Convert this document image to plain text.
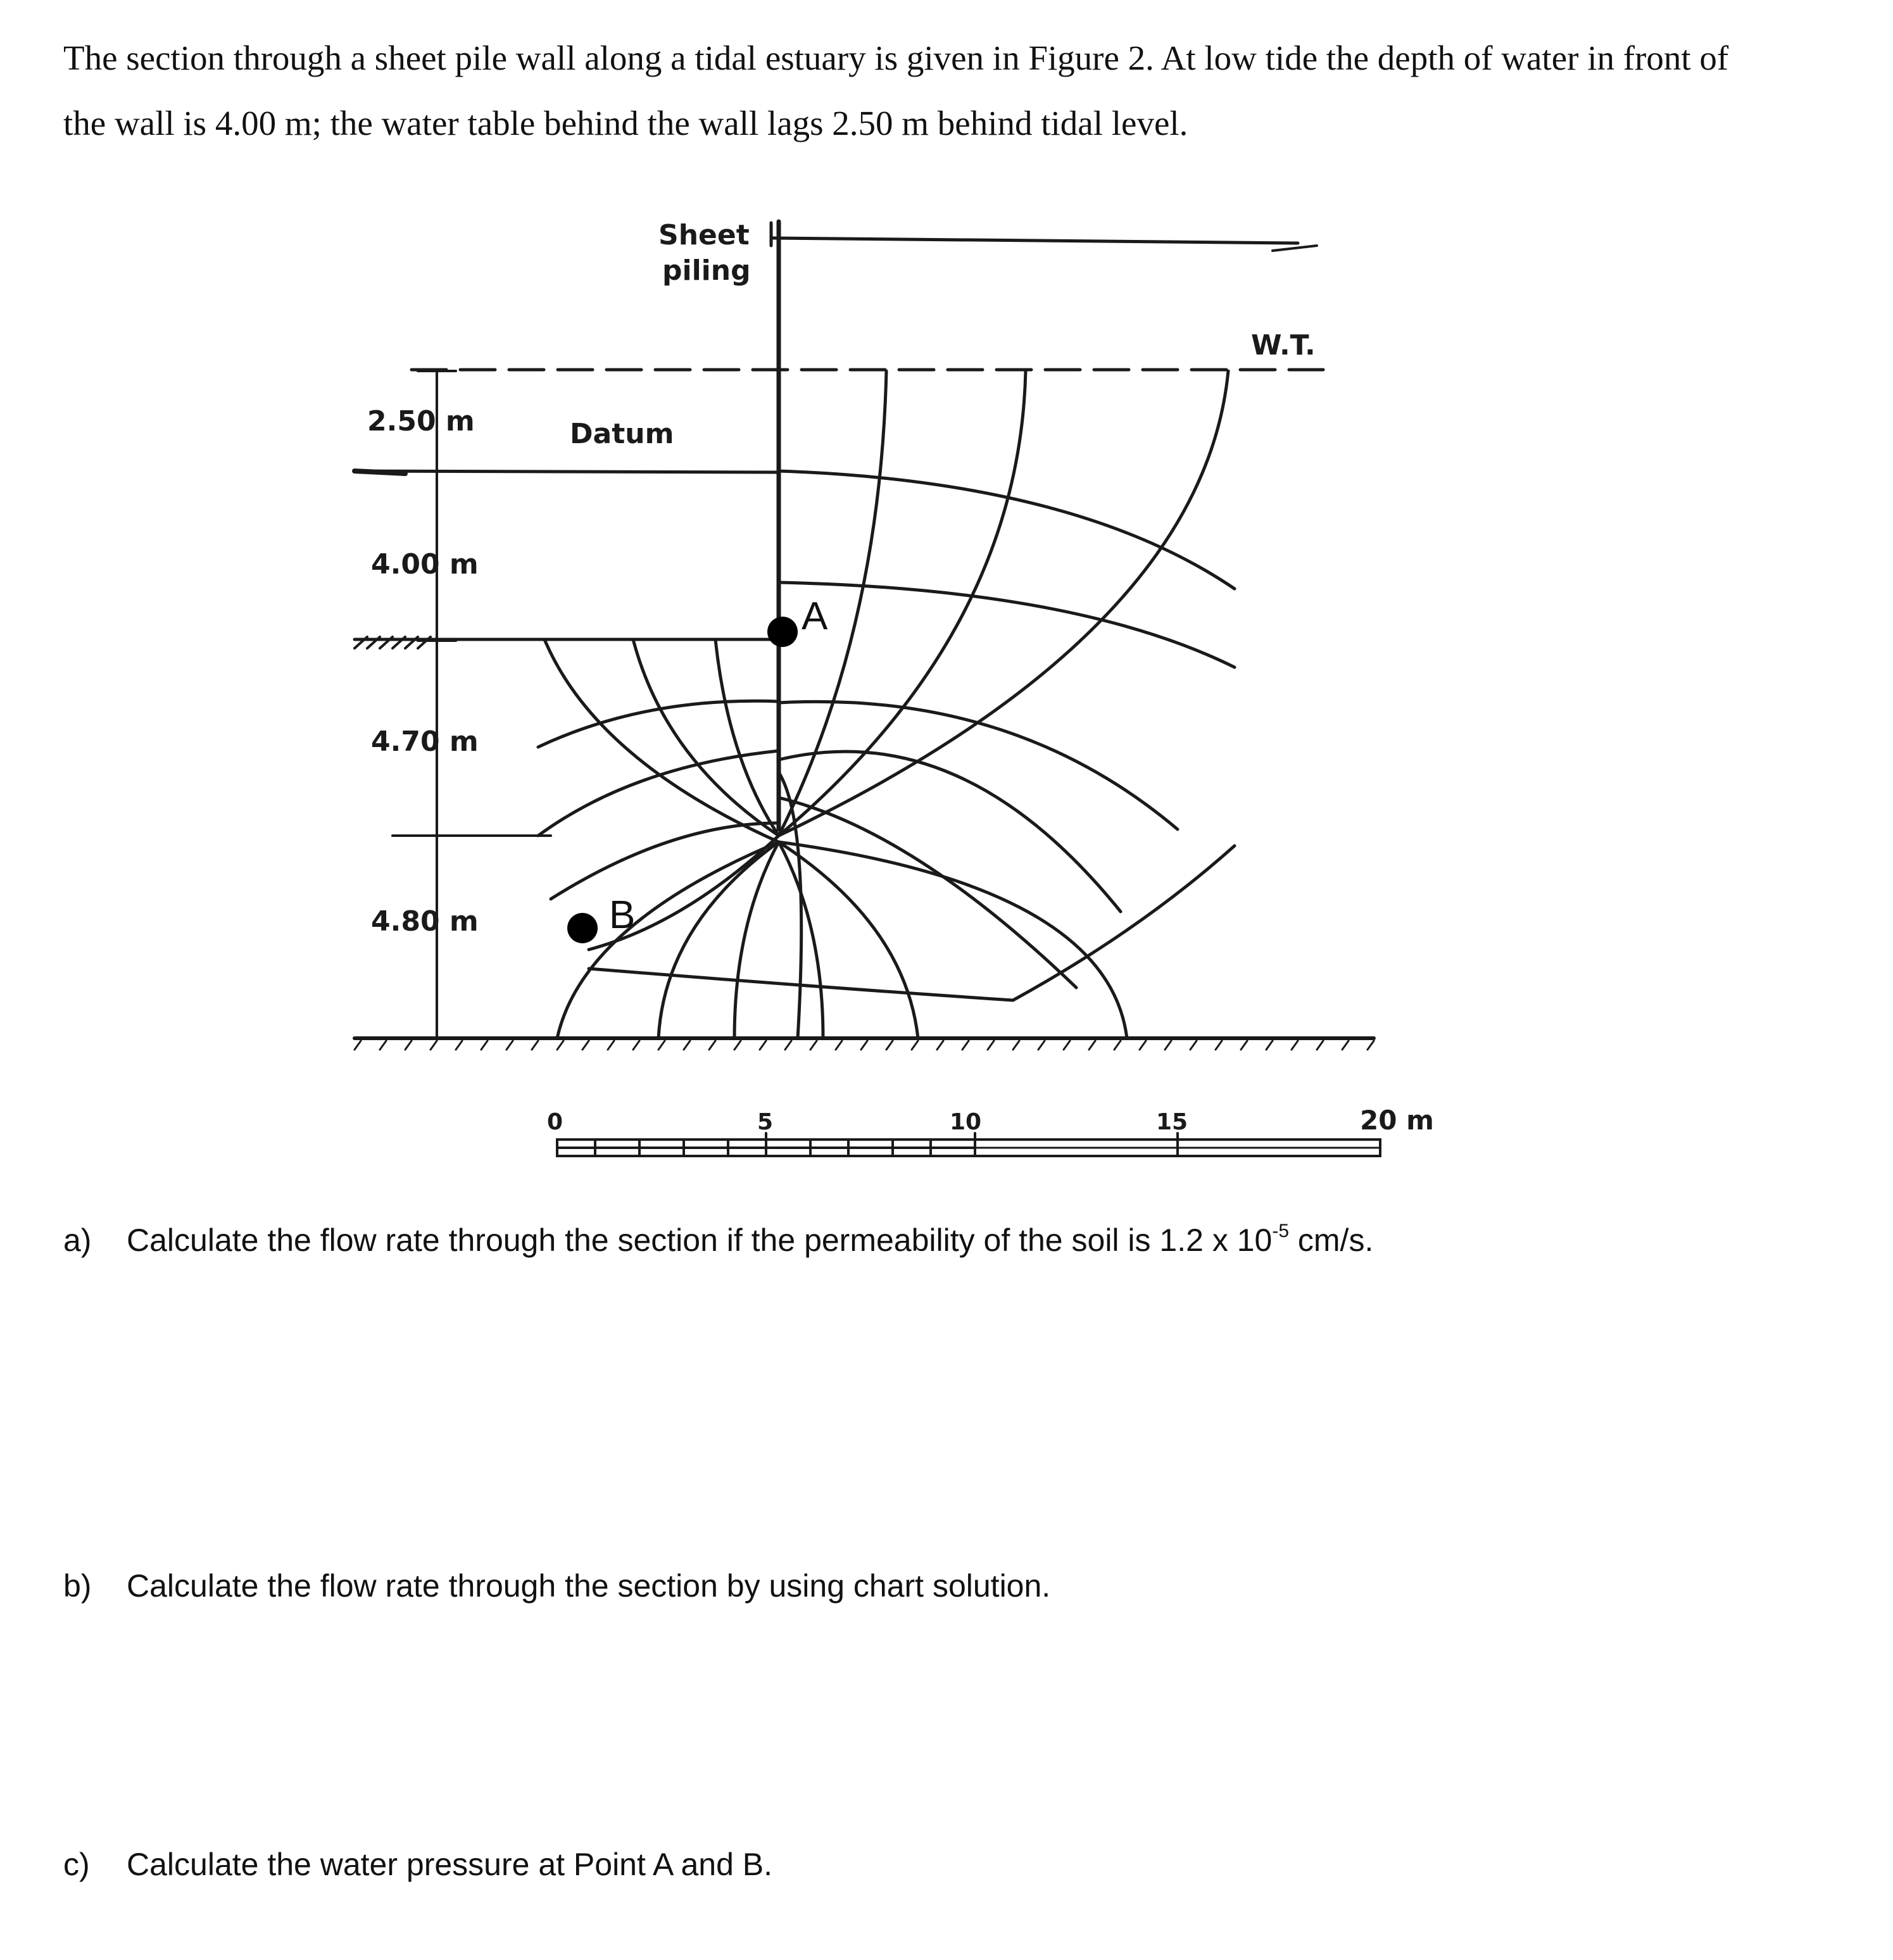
The section through a sheet pile wall along a tidal estuary is given in Figure 2. At low tide the depth of water in front of the wall is 4.00 m; the water table behind the wall lags 2.50 m behind tidal level.
Sheet
piling
W.T.
Datum
2.50 m
4.00 m
4.70 m
4.80 m
A
B
0	5	10	15	20 m
a) Calculate the flow rate through the section if the permeability of the soil is 1.2 x $10^{-5}$ cm/s.
b) Calculate the flow rate through the section by using chart solution.
c) Calculate the water pressure at Point A and B.
